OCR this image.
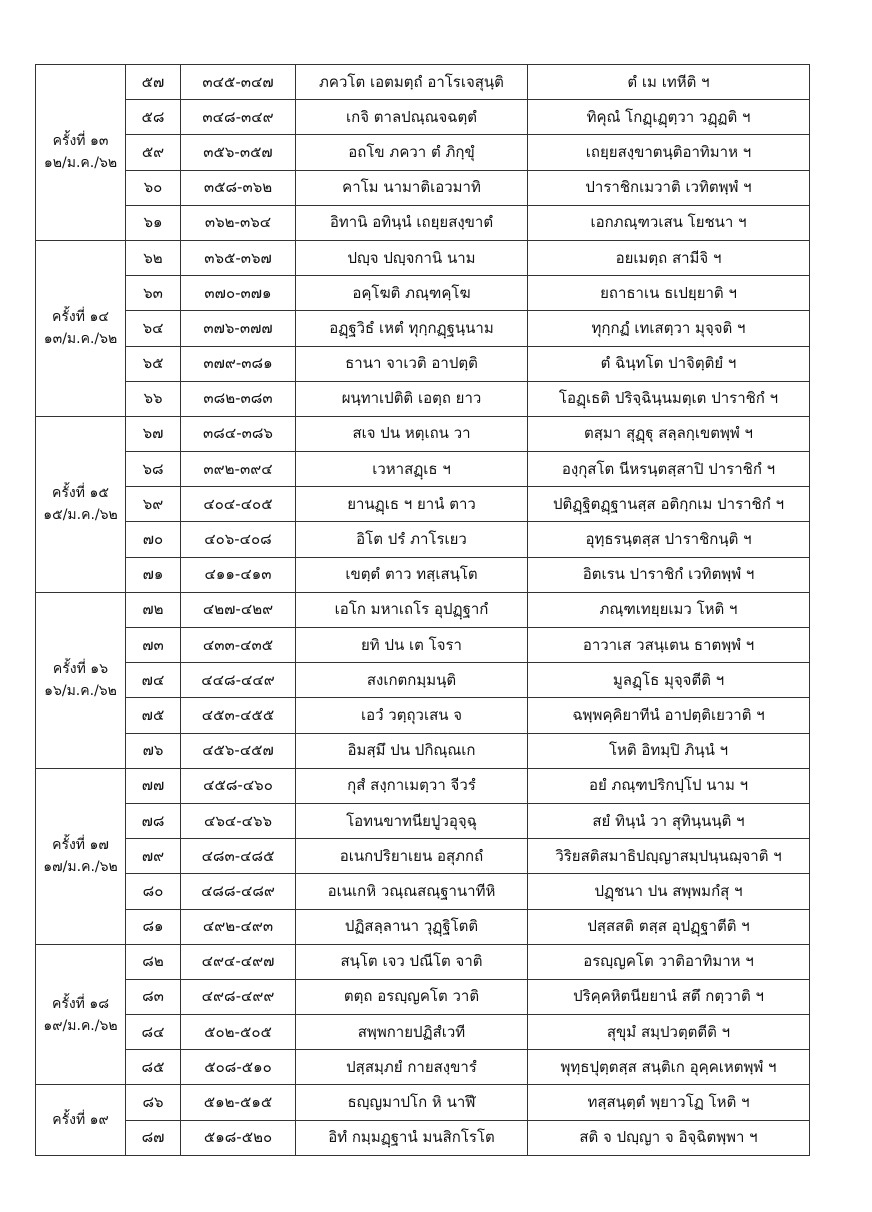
ครั้งที่ ๑๓
๑๒/ม.ค./๖๒	๕๗	๓๔๕-๓๔๗	ภควโต เอตมตฺถํ อาโรเจสุนฺติ	ตํ เม เทหีติ ฯ
	๕๘	๓๔๘-๓๔๙	เกจิ ตาลปณฺณจฉตฺตํ	ทิคุณํ โกฏฺเฏฺตฺวา วฏฺฏติ ฯ
	๕๙	๓๕๖-๓๕๗	อถโข ภควา ตํ ภิกฺขุํ	เถยฺยสงฺขาตนฺติอาทิมาห ฯ
	๖๐	๓๕๘-๓๖๒	คาโม นามาติเอวมาทิ	ปาราชิกเมวาติ เวทิตพฺพํ ฯ
	๖๑	๓๖๒-๓๖๔	อิทานิ อทินฺนํ เถยฺยสงฺขาตํ	เอกภณฺฑวเสน โยชนา ฯ

ครั้งที่ ๑๔
๑๓/ม.ค./๖๒	๖๒	๓๖๕-๓๖๗	ปญฺจ ปญฺจกานิ นาม	อยเมตฺถ สามีจิ ฯ
	๖๓	๓๗๐-๓๗๑	อคฺโฆติ ภณฺฑคฺโฆ	ยถาธาเน ธเปยฺยาติ ฯ
	๖๔	๓๗๖-๓๗๗	อฏฺฐวิธํ เหตํ ทุกฺกฏฺฐนฺนาม	ทุกฺกฏํ เทเสตฺวา มุจฺจติ ฯ
	๖๕	๓๗๙-๓๘๑	ธานา จาเวติ อาปตฺติ	ตํ ฉินฺทโต ปาจิตฺติยํ ฯ
	๖๖	๓๘๒-๓๘๓	ผนฺทาเปติติ เอตฺถ ยาว	โอฏฺเธติ ปริจฺฉินฺนมตฺเต ปาราชิกํ ฯ

ครั้งที่ ๑๕
๑๕/ม.ค./๖๒	๖๗	๓๘๔-๓๘๖	สเจ ปน หตฺเถน วา	ตสฺมา สุฏฺฐุ สลฺลกฺเขตพฺพํ ฯ
	๖๘	๓๙๒-๓๙๔	เวหาสฏฺเธ ฯ	องฺกุสโต นีหรนฺตสฺสาปิ ปาราชิกํ ฯ
	๖๙	๔๐๔-๔๐๕	ยานฏฺเธ ฯ ยานํ ตาว	ปติฏฺฐิตฏฺฐานสฺส อติกฺกเม ปาราชิกํ ฯ
	๗๐	๔๐๖-๔๐๘	อิโต ปรํ ภาโรเยว	อุทฺธรนฺตสฺส ปาราชิกนฺติ ฯ
	๗๑	๔๑๑-๔๑๓	เขตฺตํ ตาว ทสฺเสนฺโต	อิตเรน ปาราชิกํ เวทิตพฺพํ ฯ

ครั้งที่ ๑๖
๑๖/ม.ค./๖๒	๗๒	๔๒๗-๔๒๙	เอโก มหาเถโร อุปฏฺฐากํ	ภณฺฑเทยฺยเมว โหติ ฯ
	๗๓	๔๓๓-๔๓๕	ยทิ ปน เต โจรา	อาวาเส วสนฺเตน ธาตพฺพํ ฯ
	๗๔	๔๔๘-๔๔๙	สงเกตกมฺมนฺติ	มูลฏฺโธ มุจฺจตีติ ฯ
	๗๕	๔๕๓-๔๕๕	เอวํ วตฺถุวเสน จ	ฉพฺพคฺคิยาทีนํ อาปตฺติเยวาติ ฯ
	๗๖	๔๕๖-๔๕๗	อิมสฺมึ ปน ปกิณฺณเก	โหติ อิทมฺปิ ภินฺนํ ฯ

ครั้งที่ ๑๗
๑๗/ม.ค./๖๒	๗๗	๔๕๘-๔๖๐	กุสํ สงฺกาเมตฺวา จีวรํ	อยํ ภณฺฑปริกปฺโป นาม ฯ
	๗๘	๔๖๔-๔๖๖	โอทนขาทนียปูวอุจฺฉุ	สยํ ทินฺนํ วา สุทินฺนนฺติ ฯ
	๗๙	๔๘๓-๔๘๕	อเนกปริยาเยน อสุภกถํ	วิริยสติสมาธิปญฺญาสมฺปนฺนฌฺจาติ ฯ
	๘๐	๔๘๘-๔๘๙	อเนเกหิ วณฺณสณฺฐานาทีหิ	ปฏฺชนา ปน สพฺพมกํสุ ฯ
	๘๑	๔๙๒-๔๙๓	ปฏิสลฺลานา วุฏฺฐิโตติ	ปสฺสสติ ตสฺส อุปฏฺฐาตีติ ฯ

ครั้งที่ ๑๘
๑๙/ม.ค./๖๒	๘๒	๔๙๔-๔๙๗	สนฺโต เจว ปณีโต จาติ	อรญฺญคโต วาติอาทิมาห ฯ
	๘๓	๔๙๘-๔๙๙	ตตฺถ อรญฺญคโต วาติ	ปริคฺคหิตนียยานํ สตึ กตฺวาติ ฯ
	๘๔	๕๐๒-๕๐๕	สพฺพกายปฏิสํเวที	สุขุมํ สมฺปวตฺตตีติ ฯ
	๘๕	๕๐๘-๕๑๐	ปสฺสมฺภยํ กายสงฺขารํ	พุทฺธปุตฺตสฺส สนฺติเก อุคฺคเหตพฺพํ ฯ

ครั้งที่ ๑๙	๘๖	๕๑๒-๕๑๕	ธญฺญมาปโก หิ นาฬึ	ทสฺสนฺตฺตํ พฺยาวโฏ โหติ ฯ
	๘๗	๕๑๘-๕๒๐	อิทํ กมฺมฏฺฐานํ มนสิกโรโต	สติ จ ปญฺญา จ อิจฺฉิตพฺพา ฯ
